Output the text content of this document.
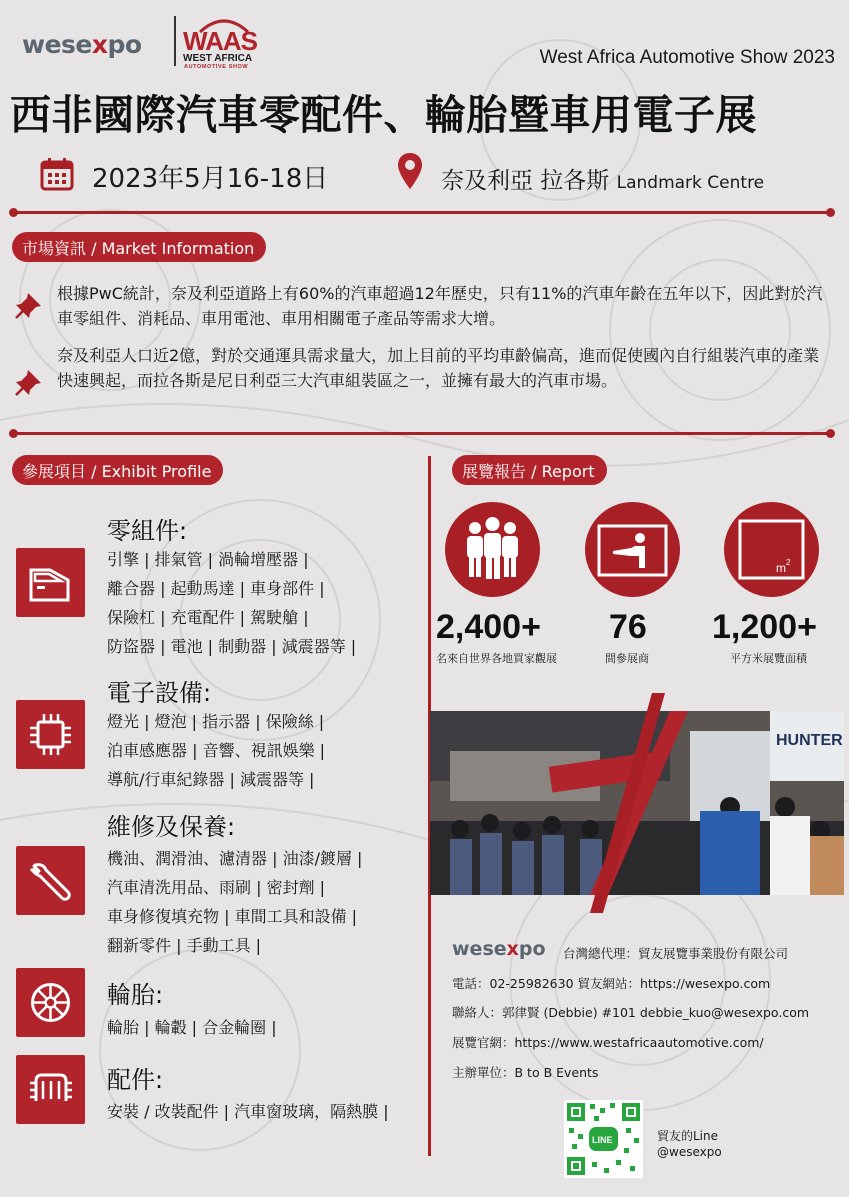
wesexpo WAAS
WEST AFRICA
AUTOMOTIVE SHOW	West Africa Automotive Show 2023
西非國際汽車零配件、輪胎暨車用電子展
2023年5月16-18日	奈及利亞 拉各斯 Landmark Centre
市場資訊 / Market Information
根據PwC統計，奈及利亞道路上有60%的汽車超過12年歷史，只有11%的汽車年齡在五年以下，因此對於汽車零組件、消耗品、車用電池、車用相關電子產品等需求大增。
奈及利亞人口近2億，對於交通運具需求量大，加上目前的平均車齡偏高，進而促使國內自行組裝汽車的產業快速興起，而拉各斯是尼日利亞三大汽車組裝區之一，並擁有最大的汽車市場。
參展項目 / Exhibit Profile
零組件:
引擎 | 排氣管 | 渦輪增壓器 |
離合器 | 起動馬達 | 車身部件 |
保險杠 | 充電配件 | 駕駛艙 |
防盜器 | 電池 | 制動器 | 減震器等 |
電子設備:
燈光 | 燈泡 | 指示器 | 保險絲 |
泊車感應器 | 音響、視訊娛樂 |
導航/行車紀錄器 | 減震器等 |
維修及保養:
機油、潤滑油、濾清器 | 油漆/鍍層 |
汽車清洗用品、雨刷 | 密封劑 |
車身修復填充物 | 車間工具和設備 |
翻新零件 | 手動工具 |
輪胎:
輪胎 | 輪轂 | 合金輪圈 |
配件:
安裝 / 改裝配件 | 汽車窗玻璃，隔熱膜 |
展覽報告 / Report
m 2
2,400+
名來自世界各地買家觀展
76
間參展商
1,200+
平方米展覽面積
HUNTER
wesexpo 台灣總代理：貿友展覽事業股份有限公司
電話：02-25982630 貿友網站：https://wesexpo.com
聯絡人：郭律賢 (Debbie) #101 debbie_kuo@wesexpo.com
展覽官網：https://www.westafricaautomotive.com/
主辦單位：B to B Events
LINE	貿友的Line
@wesexpo
